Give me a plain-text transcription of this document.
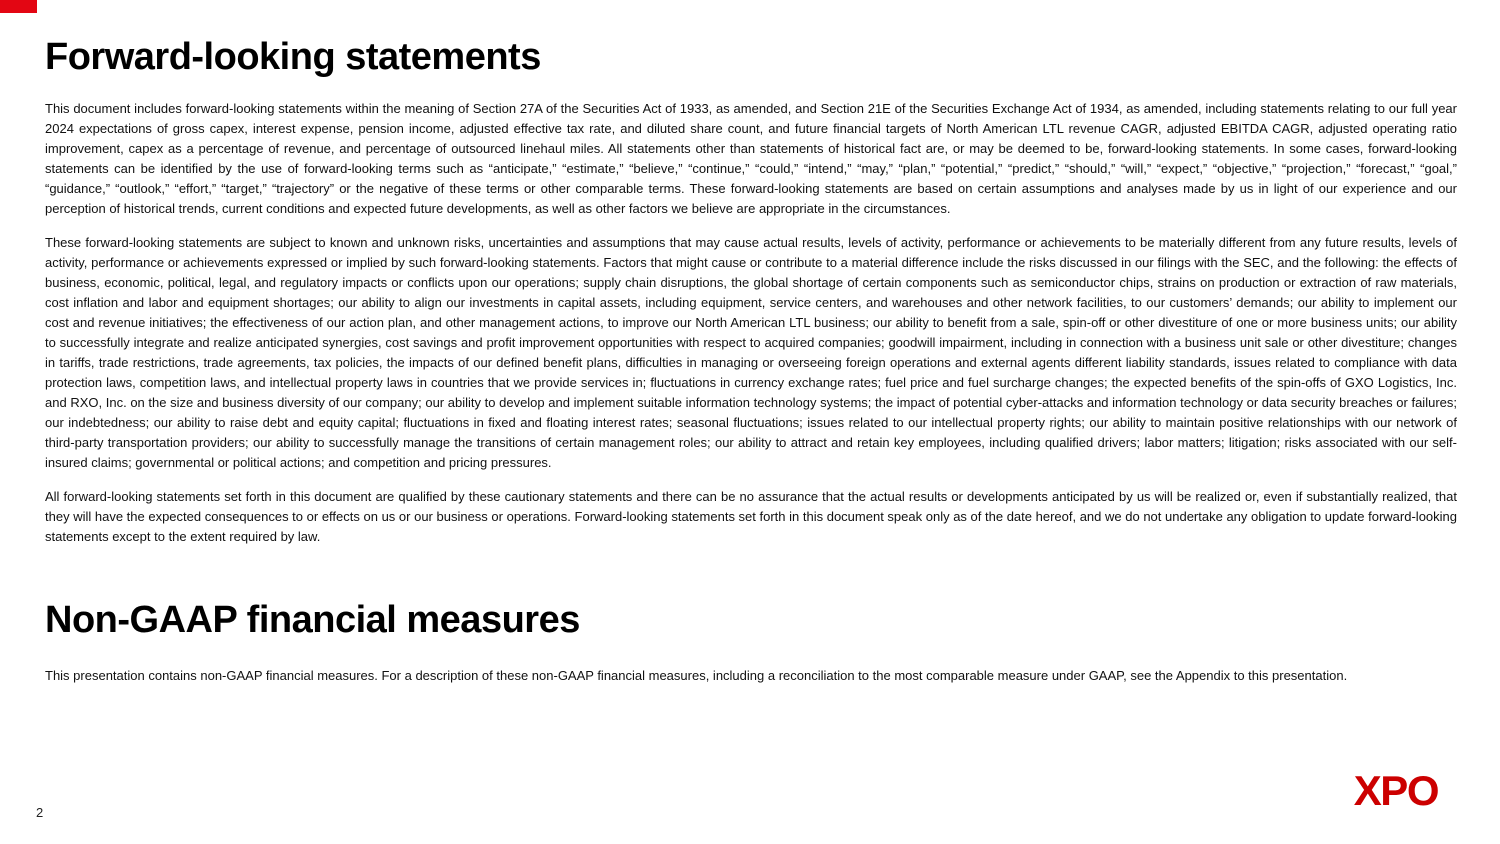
Forward-looking statements

This document includes forward-looking statements within the meaning of Section 27A of the Securities Act of 1933, as amended, and Section 21E of the Securities Exchange Act of 1934, as amended, including statements relating to our full year 2024 expectations of gross capex, interest expense, pension income, adjusted effective tax rate, and diluted share count, and future financial targets of North American LTL revenue CAGR, adjusted EBITDA CAGR, adjusted operating ratio improvement, capex as a percentage of revenue, and percentage of outsourced linehaul miles. All statements other than statements of historical fact are, or may be deemed to be, forward-looking statements. In some cases, forward-looking statements can be identified by the use of forward-looking terms such as “anticipate,” “estimate,” “believe,” “continue,” “could,” “intend,” “may,” “plan,” “potential,” “predict,” “should,” “will,” “expect,” “objective,” “projection,” “forecast,” “goal,” “guidance,” “outlook,” “effort,” “target,” “trajectory” or the negative of these terms or other comparable terms. These forward-looking statements are based on certain assumptions and analyses made by us in light of our experience and our perception of historical trends, current conditions and expected future developments, as well as other factors we believe are appropriate in the circumstances.

These forward-looking statements are subject to known and unknown risks, uncertainties and assumptions that may cause actual results, levels of activity, performance or achievements to be materially different from any future results, levels of activity, performance or achievements expressed or implied by such forward-looking statements. Factors that might cause or contribute to a material difference include the risks discussed in our filings with the SEC, and the following: the effects of business, economic, political, legal, and regulatory impacts or conflicts upon our operations; supply chain disruptions, the global shortage of certain components such as semiconductor chips, strains on production or extraction of raw materials, cost inflation and labor and equipment shortages; our ability to align our investments in capital assets, including equipment, service centers, and warehouses and other network facilities, to our customers’ demands; our ability to implement our cost and revenue initiatives; the effectiveness of our action plan, and other management actions, to improve our North American LTL business; our ability to benefit from a sale, spin-off or other divestiture of one or more business units; our ability to successfully integrate and realize anticipated synergies, cost savings and profit improvement opportunities with respect to acquired companies; goodwill impairment, including in connection with a business unit sale or other divestiture; changes in tariffs, trade restrictions, trade agreements, tax policies, the impacts of our defined benefit plans, difficulties in managing or overseeing foreign operations and external agents different liability standards, issues related to compliance with data protection laws, competition laws, and intellectual property laws in countries that we provide services in; fluctuations in currency exchange rates; fuel price and fuel surcharge changes; the expected benefits of the spin-offs of GXO Logistics, Inc. and RXO, Inc. on the size and business diversity of our company; our ability to develop and implement suitable information technology systems; the impact of potential cyber-attacks and information technology or data security breaches or failures; our indebtedness; our ability to raise debt and equity capital; fluctuations in fixed and floating interest rates; seasonal fluctuations; issues related to our intellectual property rights; our ability to maintain positive relationships with our network of third-party transportation providers; our ability to successfully manage the transitions of certain management roles; our ability to attract and retain key employees, including qualified drivers; labor matters; litigation; risks associated with our self-insured claims; governmental or political actions; and competition and pricing pressures.

All forward-looking statements set forth in this document are qualified by these cautionary statements and there can be no assurance that the actual results or developments anticipated by us will be realized or, even if substantially realized, that they will have the expected consequences to or effects on us or our business or operations. Forward-looking statements set forth in this document speak only as of the date hereof, and we do not undertake any obligation to update forward-looking statements except to the extent required by law.

Non-GAAP financial measures

This presentation contains non-GAAP financial measures. For a description of these non-GAAP financial measures, including a reconciliation to the most comparable measure under GAAP, see the Appendix to this presentation.

2	XPO
